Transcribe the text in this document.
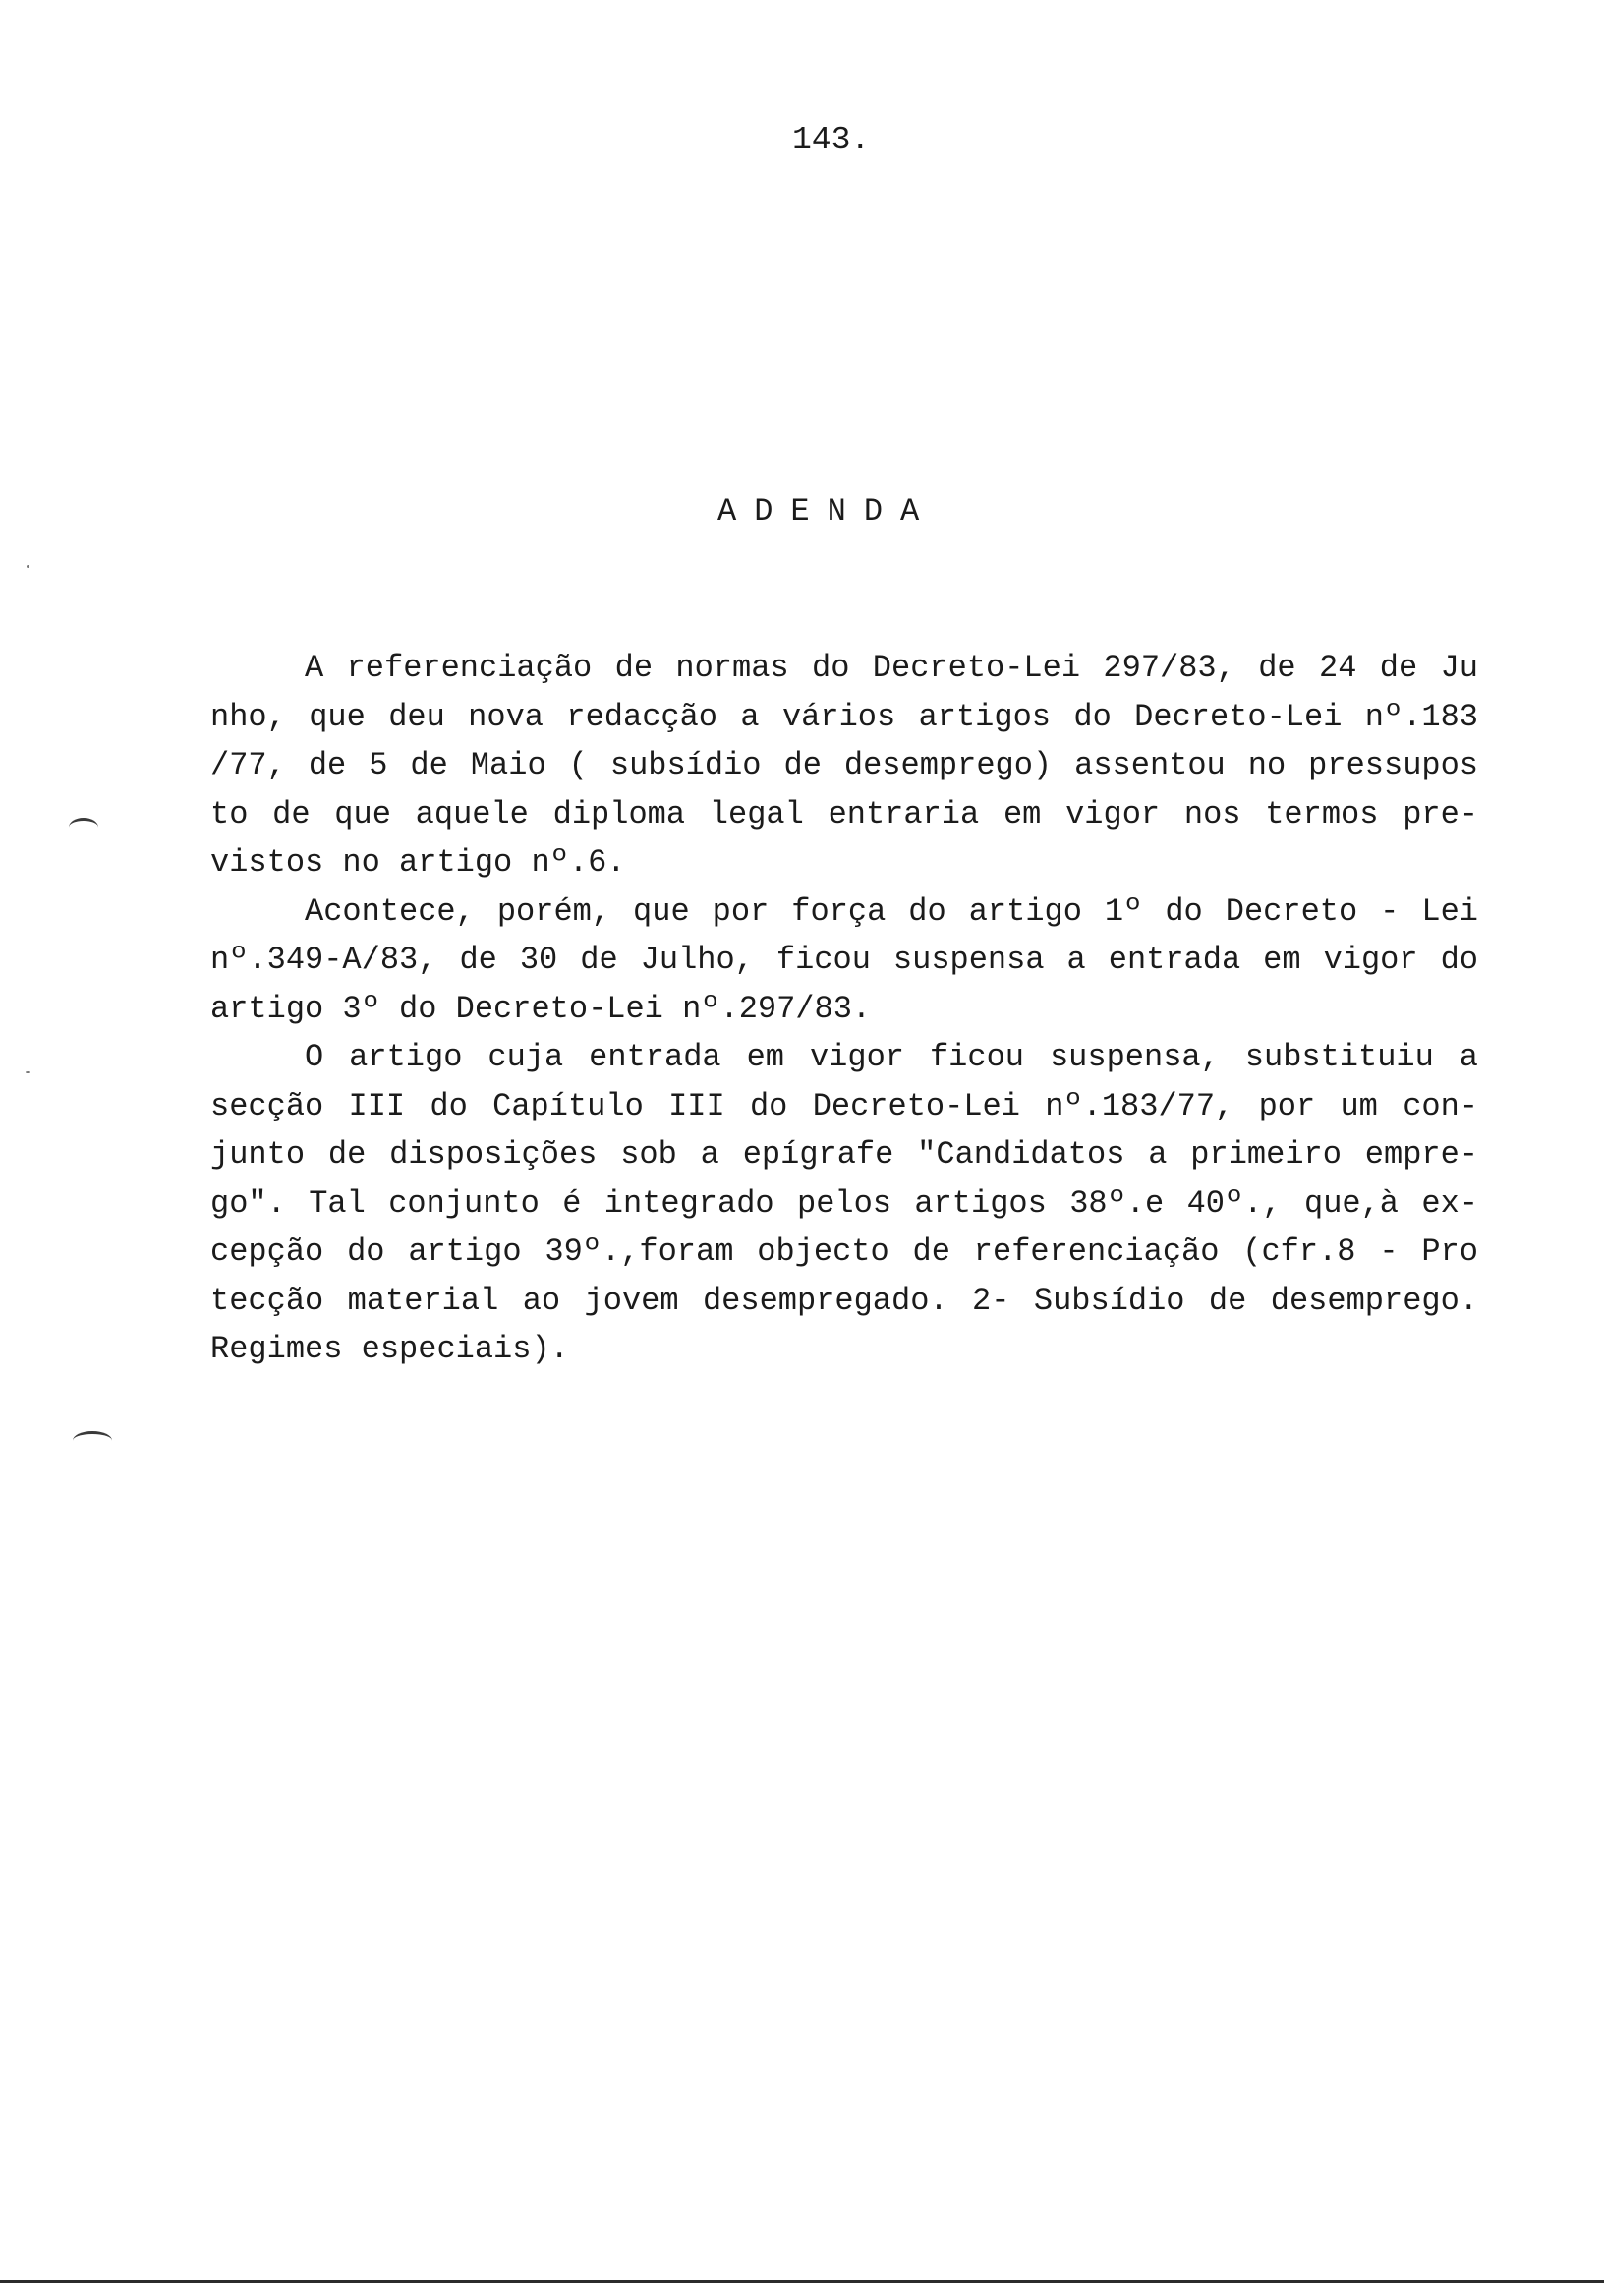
143.
ADENDA
A referenciação de normas do Decreto-Lei 297/83, de 24 de Ju
nho, que deu nova redacção a vários artigos do Decreto-Lei nº.183
/77, de 5 de Maio ( subsídio de desemprego) assentou no pressupos
to de que aquele diploma legal entraria em vigor nos termos pre-
vistos no artigo nº.6.
Acontece, porém, que por força do artigo 1º do Decreto - Lei
nº.349-A/83, de 30 de Julho, ficou suspensa a entrada em vigor do
artigo 3º do Decreto-Lei nº.297/83.
O artigo cuja entrada em vigor ficou suspensa, substituiu a
secção III do Capítulo III do Decreto-Lei nº.183/77, por um con-
junto de disposições sob a epígrafe "Candidatos a primeiro empre-
go". Tal conjunto é integrado pelos artigos 38º.e 40º., que,à ex-
cepção do artigo 39º.,foram objecto de referenciação (cfr.8 - Pro
tecção material ao jovem desempregado. 2- Subsídio de desemprego.
Regimes especiais).
